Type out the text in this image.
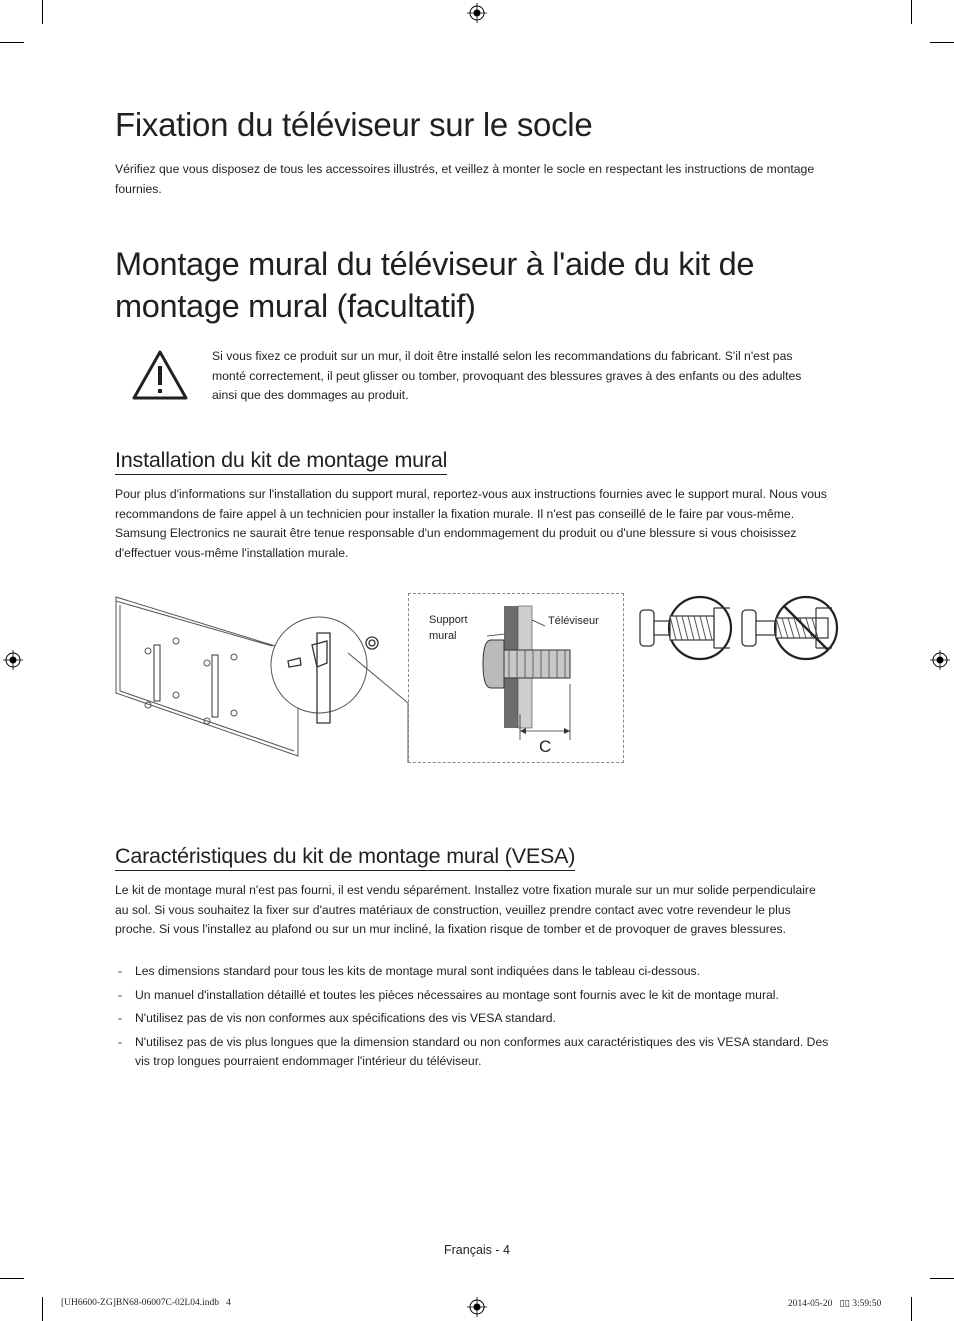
Fixation du téléviseur sur le socle

Vérifiez que vous disposez de tous les accessoires illustrés, et veillez à monter le socle en respectant les instructions de montage fournies.

Montage mural du téléviseur à l'aide du kit de montage mural (facultatif)

Si vous fixez ce produit sur un mur, il doit être installé selon les recommandations du fabricant. S'il n'est pas monté correctement, il peut glisser ou tomber, provoquant des blessures graves à des enfants ou des adultes ainsi que des dommages au produit.

Installation du kit de montage mural

Pour plus d'informations sur l'installation du support mural, reportez-vous aux instructions fournies avec le support mural. Nous vous recommandons de faire appel à un technicien pour installer la fixation murale. Il n'est pas conseillé de le faire par vous-même. Samsung Electronics ne saurait être tenue responsable d'un endommagement du produit ou d'une blessure si vous choisissez d'effectuer vous-même l'installation murale.

Support
mural
Téléviseur
C
Caractéristiques du kit de montage mural (VESA)

Le kit de montage mural n'est pas fourni, il est vendu séparément. Installez votre fixation murale sur un mur solide perpendiculaire au sol. Si vous souhaitez la fixer sur d'autres matériaux de construction, veuillez prendre contact avec votre revendeur le plus proche. Si vous l'installez au plafond ou sur un mur incliné, la fixation risque de tomber et de provoquer de graves blessures.

- Les dimensions standard pour tous les kits de montage mural sont indiquées dans le tableau ci-dessous.
- Un manuel d'installation détaillé et toutes les pièces nécessaires au montage sont fournis avec le kit de montage mural.
- N'utilisez pas de vis non conformes aux spécifications des vis VESA standard.
- N'utilisez pas de vis plus longues que la dimension standard ou non conformes aux caractéristiques des vis VESA standard. Des vis trop longues pourraient endommager l'intérieur du téléviseur.
Français - 4
[UH6600-ZG]BN68-06007C-02L04.indb   4	2014-05-20   ▯▯ 3:59:50
